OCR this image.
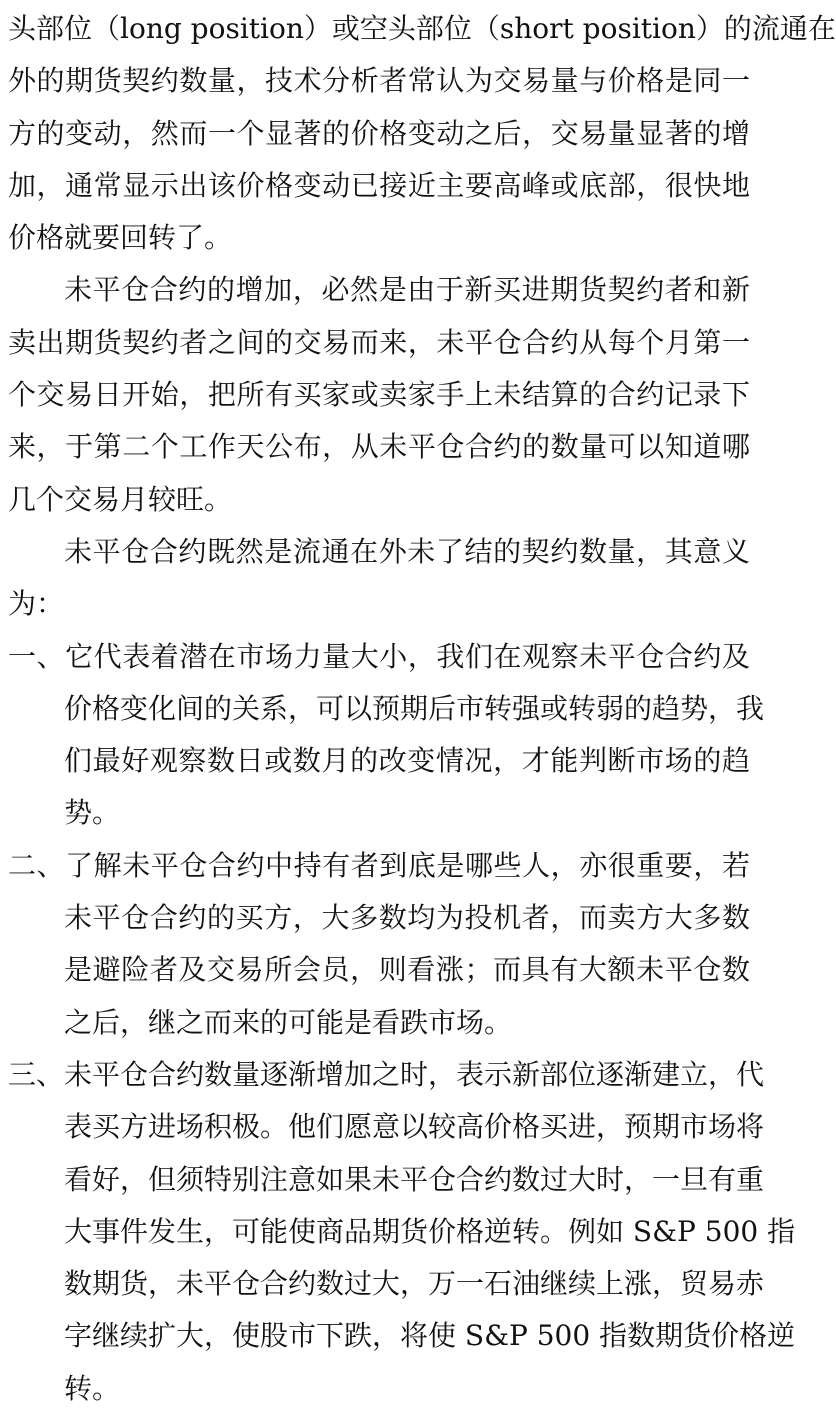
头部位（long position）或空头部位（short position）的流通在
外的期货契约数量，技术分析者常认为交易量与价格是同一
方的变动，然而一个显著的价格变动之后，交易量显著的增
加，通常显示出该价格变动已接近主要高峰或底部，很快地
价格就要回转了。
未平仓合约的增加，必然是由于新买进期货契约者和新
卖出期货契约者之间的交易而来，未平仓合约从每个月第一
个交易日开始，把所有买家或卖家手上未结算的合约记录下
来，于第二个工作天公布，从未平仓合约的数量可以知道哪
几个交易月较旺。
未平仓合约既然是流通在外未了结的契约数量，其意义
为：
一、它代表着潜在市场力量大小，我们在观察未平仓合约及
价格变化间的关系，可以预期后市转强或转弱的趋势，我
们最好观察数日或数月的改变情况，才能判断市场的趋
势。
二、了解未平仓合约中持有者到底是哪些人，亦很重要，若
未平仓合约的买方，大多数均为投机者，而卖方大多数
是避险者及交易所会员，则看涨；而具有大额未平仓数
之后，继之而来的可能是看跌市场。
三、未平仓合约数量逐渐增加之时，表示新部位逐渐建立，代
表买方进场积极。他们愿意以较高价格买进，预期市场将
看好，但须特别注意如果未平仓合约数过大时，一旦有重
大事件发生，可能使商品期货价格逆转。例如 S&P 500 指
数期货，未平仓合约数过大，万一石油继续上涨，贸易赤
字继续扩大，使股市下跌，将使 S&P 500 指数期货价格逆
转。
